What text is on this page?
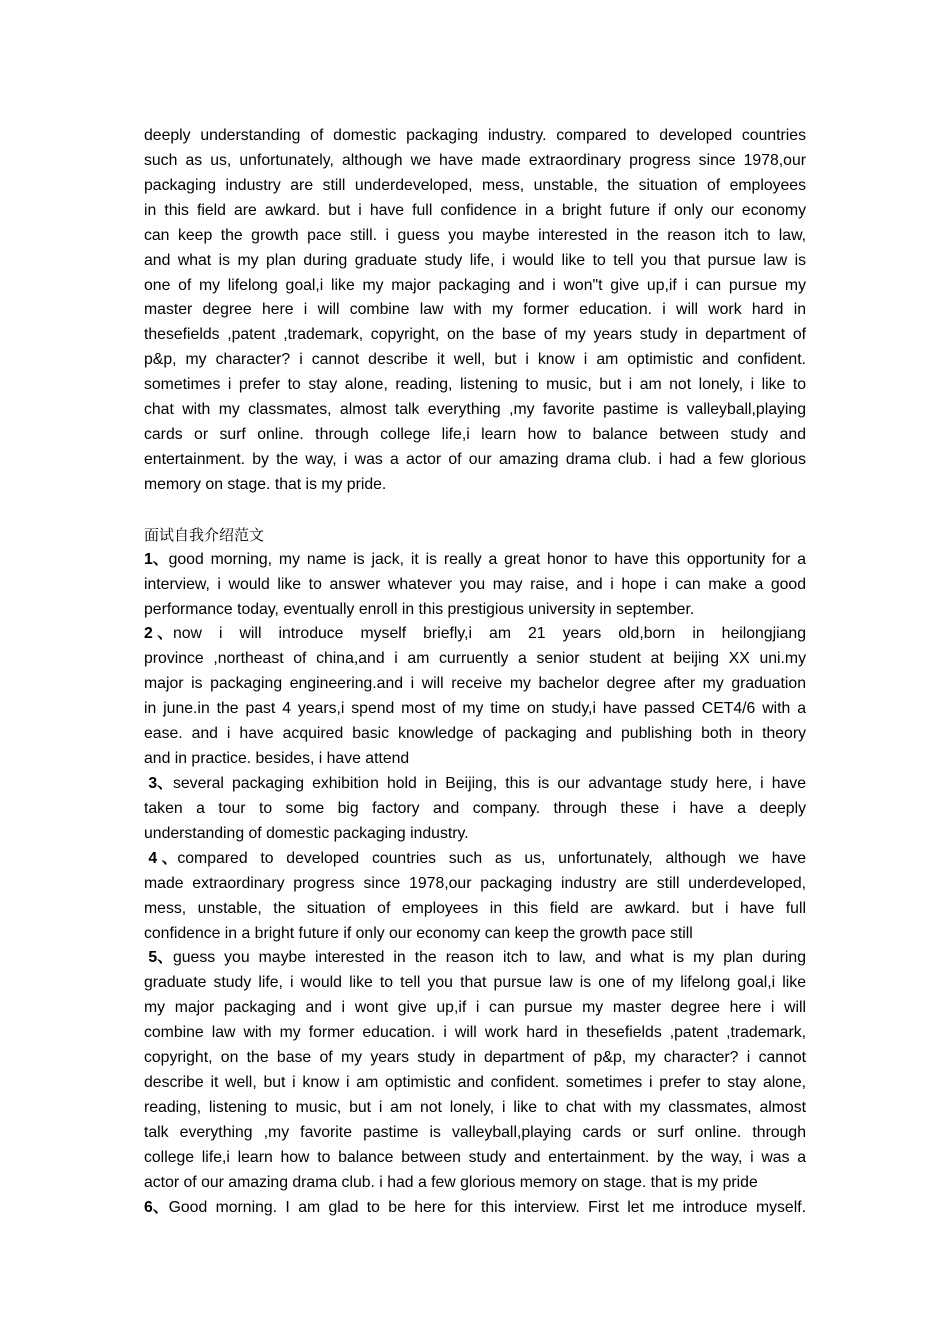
deeply understanding of domestic packaging industry. compared to developed countries
such as us, unfortunately, although we have made extraordinary progress since 1978,our
packaging industry are still underdeveloped, mess, unstable, the situation of employees
in this field are awkard. but i have full confidence in a bright future if only our economy
can keep the growth pace still. i guess you maybe interested in the reason itch to law,
and what is my plan during graduate study life, i would like to tell you that pursue law is
one of my lifelong goal,i like my major packaging and i won"t give up,if i can pursue my
master degree here i will combine law with my former education. i will work hard in
thesefields ,patent ,trademark, copyright, on the base of my years study in department of
p&p, my character? i cannot describe it well, but i know i am optimistic and confident.
sometimes i prefer to stay alone, reading, listening to music, but i am not lonely, i like to
chat with my classmates, almost talk everything ,my favorite pastime is valleyball,playing
cards or surf online. through college life,i learn how to balance between study and
entertainment. by the way, i was a actor of our amazing drama club. i had a few glorious
memory on stage. that is my pride.
面试自我介绍范文
1、 good morning, my name is jack, it is really a great honor to have this opportunity for a
interview, i would like to answer whatever you may raise, and i hope i can make a good
performance today, eventually enroll in this prestigious university in september.
2 、 now i will introduce myself briefly,i am 21 years old,born in heilongjiang
province ,northeast of china,and i am curruently a senior student at beijing XX uni.my
major is packaging engineering.and i will receive my bachelor degree after my graduation
in june.in the past 4 years,i spend most of my time on study,i have passed CET4/6 with a
ease. and i have acquired basic knowledge of packaging and publishing both in theory
and in practice. besides, i have attend
3、 several packaging exhibition hold in Beijing, this is our advantage study here, i have
taken a tour to some big factory and company. through these i have a deeply
understanding of domestic packaging industry.
4 、 compared to developed countries such as us, unfortunately, although we have
made extraordinary progress since 1978,our packaging industry are still underdeveloped,
mess, unstable, the situation of employees in this field are awkard. but i have full
confidence in a bright future if only our economy can keep the growth pace still
5、 guess you maybe interested in the reason itch to law, and what is my plan during
graduate study life, i would like to tell you that pursue law is one of my lifelong goal,i like
my major packaging and i wont give up,if i can pursue my master degree here i will
combine law with my former education. i will work hard in thesefields ,patent ,trademark,
copyright, on the base of my years study in department of p&p, my character? i cannot
describe it well, but i know i am optimistic and confident. sometimes i prefer to stay alone,
reading, listening to music, but i am not lonely, i like to chat with my classmates, almost
talk everything ,my favorite pastime is valleyball,playing cards or surf online. through
college life,i learn how to balance between study and entertainment. by the way, i was a
actor of our amazing drama club. i had a few glorious memory on stage. that is my pride
6、 Good morning. I am glad to be here for this interview. First let me introduce myself.
